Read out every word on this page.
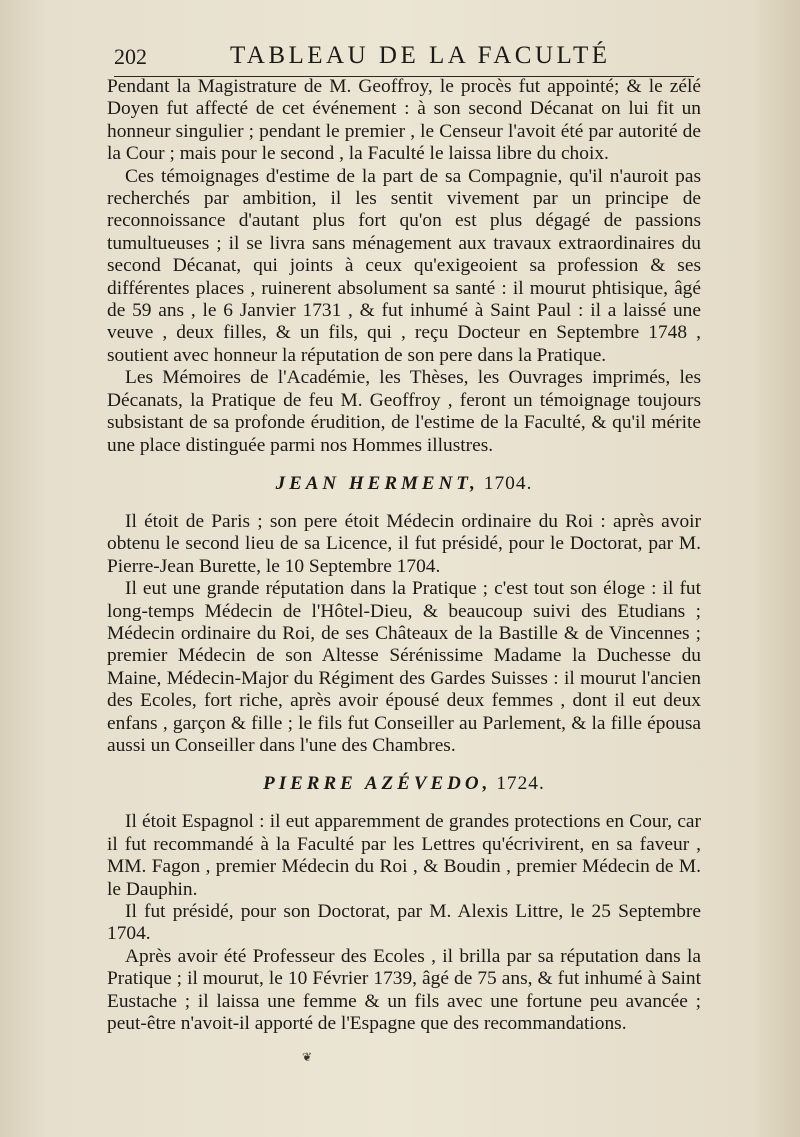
202	TABLEAU DE LA FACULTÉ

Pendant la Magistrature de M. Geoffroy, le procès fut appointé; & le zélé Doyen fut affecté de cet événement : à son second Décanat on lui fit un honneur singulier ; pendant le premier , le Censeur l'avoit été par autorité de la Cour ; mais pour le second , la Faculté le laissa libre du choix.

Ces témoignages d'estime de la part de sa Compagnie, qu'il n'auroit pas recherchés par ambition, il les sentit vivement par un principe de reconnoissance d'autant plus fort qu'on est plus dégagé de passions tumultueuses ; il se livra sans ménagement aux travaux extraordinaires du second Décanat, qui joints à ceux qu'exigeoient sa profession & ses différentes places , ruinerent absolument sa santé : il mourut phtisique, âgé de 59 ans , le 6 Janvier 1731 , & fut inhumé à Saint Paul : il a laissé une veuve , deux filles, & un fils, qui , reçu Docteur en Septembre 1748 , soutient avec honneur la réputation de son pere dans la Pratique.

Les Mémoires de l'Académie, les Thèses, les Ouvrages imprimés, les Décanats, la Pratique de feu M. Geoffroy , feront un témoignage toujours subsistant de sa profonde érudition, de l'estime de la Faculté, & qu'il mérite une place distinguée parmi nos Hommes illustres.

JEAN HERMENT, 1704.

Il étoit de Paris ; son pere étoit Médecin ordinaire du Roi : après avoir obtenu le second lieu de sa Licence, il fut présidé, pour le Doctorat, par M. Pierre-Jean Burette, le 10 Septembre 1704.

Il eut une grande réputation dans la Pratique ; c'est tout son éloge : il fut long-temps Médecin de l'Hôtel-Dieu, & beaucoup suivi des Etudians ; Médecin ordinaire du Roi, de ses Châteaux de la Bastille & de Vincennes ; premier Médecin de son Altesse Sérénissime Madame la Duchesse du Maine, Médecin-Major du Régiment des Gardes Suisses : il mourut l'ancien des Ecoles, fort riche, après avoir épousé deux femmes , dont il eut deux enfans , garçon & fille ; le fils fut Conseiller au Parlement, & la fille épousa aussi un Conseiller dans l'une des Chambres.

PIERRE AZÉVEDO, 1724.

Il étoit Espagnol : il eut apparemment de grandes protections en Cour, car il fut recommandé à la Faculté par les Lettres qu'écrivirent, en sa faveur , MM. Fagon , premier Médecin du Roi , & Boudin , premier Médecin de M. le Dauphin.

Il fut présidé, pour son Doctorat, par M. Alexis Littre, le 25 Septembre 1704.

Après avoir été Professeur des Ecoles , il brilla par sa réputation dans la Pratique ; il mourut, le 10 Février 1739, âgé de 75 ans, & fut inhumé à Saint Eustache ; il laissa une femme & un fils avec une fortune peu avancée ; peut-être n'avoit-il apporté de l'Espagne que des recommandations.

❦
